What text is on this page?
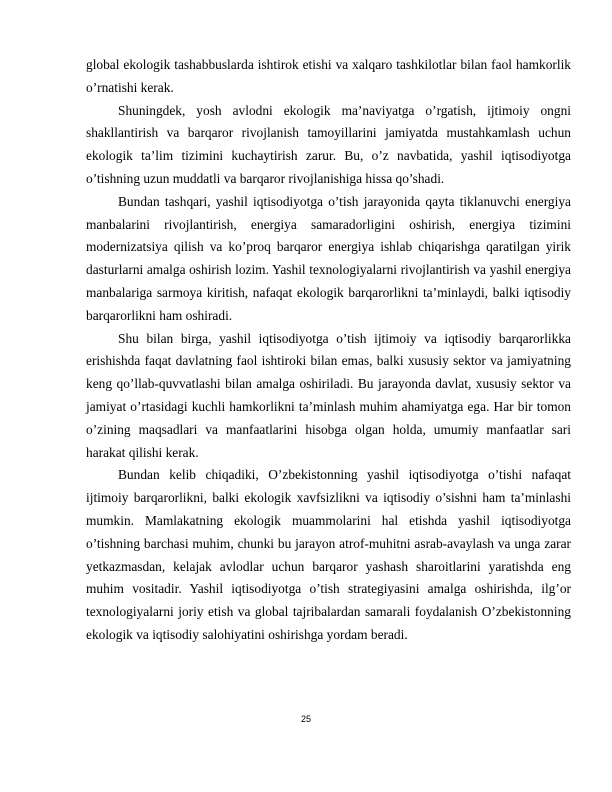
global ekologik tashabbuslarda ishtirok etishi va xalqaro tashkilotlar bilan faol hamkorlik o’rnatishi kerak.

Shuningdek, yosh avlodni ekologik ma’naviyatga o’rgatish, ijtimoiy ongni shakllantirish va barqaror rivojlanish tamoyillarini jamiyatda mustahkamlash uchun ekologik ta’lim tizimini kuchaytirish zarur. Bu, o’z navbatida, yashil iqtisodiyotga o’tishning uzun muddatli va barqaror rivojlanishiga hissa qo’shadi.

Bundan tashqari, yashil iqtisodiyotga o’tish jarayonida qayta tiklanuvchi energiya manbalarini rivojlantirish, energiya samaradorligini oshirish, energiya tizimini modernizatsiya qilish va ko’proq barqaror energiya ishlab chiqarishga qaratilgan yirik dasturlarni amalga oshirish lozim. Yashil texnologiyalarni rivojlantirish va yashil energiya manbalariga sarmoya kiritish, nafaqat ekologik barqarorlikni ta’minlaydi, balki iqtisodiy barqarorlikni ham oshiradi.

Shu bilan birga, yashil iqtisodiyotga o’tish ijtimoiy va iqtisodiy barqarorlikka erishishda faqat davlatning faol ishtiroki bilan emas, balki xususiy sektor va jamiyatning keng qo’llab-quvvatlashi bilan amalga oshiriladi. Bu jarayonda davlat, xususiy sektor va jamiyat o’rtasidagi kuchli hamkorlikni ta’minlash muhim ahamiyatga ega. Har bir tomon o’zining maqsadlari va manfaatlarini hisobga olgan holda, umumiy manfaatlar sari harakat qilishi kerak.

Bundan kelib chiqadiki, O’zbekistonning yashil iqtisodiyotga o’tishi nafaqat ijtimoiy barqarorlikni, balki ekologik xavfsizlikni va iqtisodiy o’sishni ham ta’minlashi mumkin. Mamlakatning ekologik muammolarini hal etishda yashil iqtisodiyotga o’tishning barchasi muhim, chunki bu jarayon atrof-muhitni asrab-avaylash va unga zarar yetkazmasdan, kelajak avlodlar uchun barqaror yashash sharoitlarini yaratishda eng muhim vositadir. Yashil iqtisodiyotga o’tish strategiyasini amalga oshirishda, ilg’or texnologiyalarni joriy etish va global tajribalardan samarali foydalanish O’zbekistonning ekologik va iqtisodiy salohiyatini oshirishga yordam beradi.

25
